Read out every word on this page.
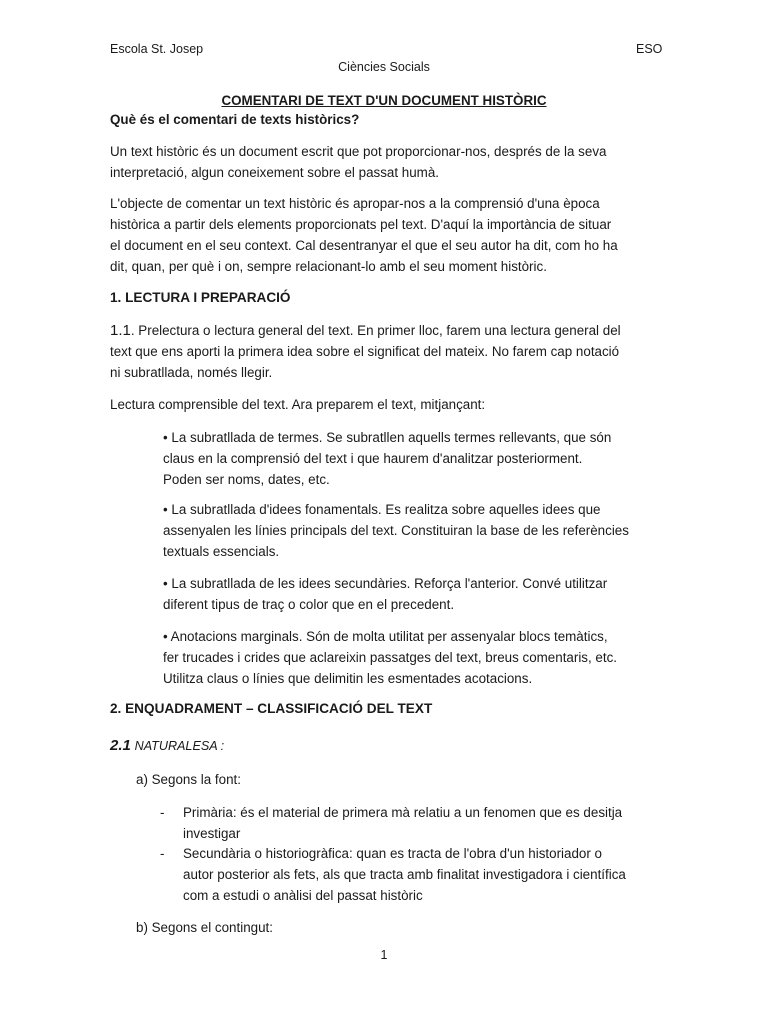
Escola St. Josep	ESO
Ciències Socials
COMENTARI DE TEXT D'UN DOCUMENT HISTÒRIC
Què és el comentari de texts històrics?

Un text històric és un document escrit que pot proporcionar-nos, després de la seva

interpretació, algun coneixement sobre el passat humà.

L'objecte de comentar un text històric és apropar-nos a la comprensió d'una època

històrica a partir dels elements proporcionats pel text. D'aquí la importància de situar

el document en el seu context. Cal desentranyar el que el seu autor ha dit, com ho ha

dit, quan, per què i on, sempre relacionant-lo amb el seu moment històric.

1. LECTURA I PREPARACIÓ

1.1. Prelectura o lectura general del text. En primer lloc, farem una lectura general del

text que ens aporti la primera idea sobre el significat del mateix. No farem cap notació

ni subratllada, només llegir.

Lectura comprensible del text. Ara preparem el text, mitjançant:

• La subratllada de termes. Se subratllen aquells termes rellevants, que són

claus en la comprensió del text i que haurem d'analitzar posteriorment.

Poden ser noms, dates, etc.

• La subratllada d'idees fonamentals. Es realitza sobre aquelles idees que

assenyalen les línies principals del text. Constituiran la base de les referències

textuals essencials.

• La subratllada de les idees secundàries. Reforça l'anterior. Convé utilitzar

diferent tipus de traç o color que en el precedent.

• Anotacions marginals. Són de molta utilitat per assenyalar blocs temàtics,

fer trucades i crides que aclareixin passatges del text, breus comentaris, etc.

Utilitza claus o línies que delimitin les esmentades acotacions.

2. ENQUADRAMENT – CLASSIFICACIÓ DEL TEXT
2.1 NATURALESA :
a) Segons la font:
- Primària: és el material de primera mà relatiu a un fenomen que es desitja

investigar

- Secundària o historiogràfica: quan es tracta de l'obra d'un historiador o

autor posterior als fets, als que tracta amb finalitat investigadora i científica

com a estudi o anàlisi del passat històric

b) Segons el contingut:
1
